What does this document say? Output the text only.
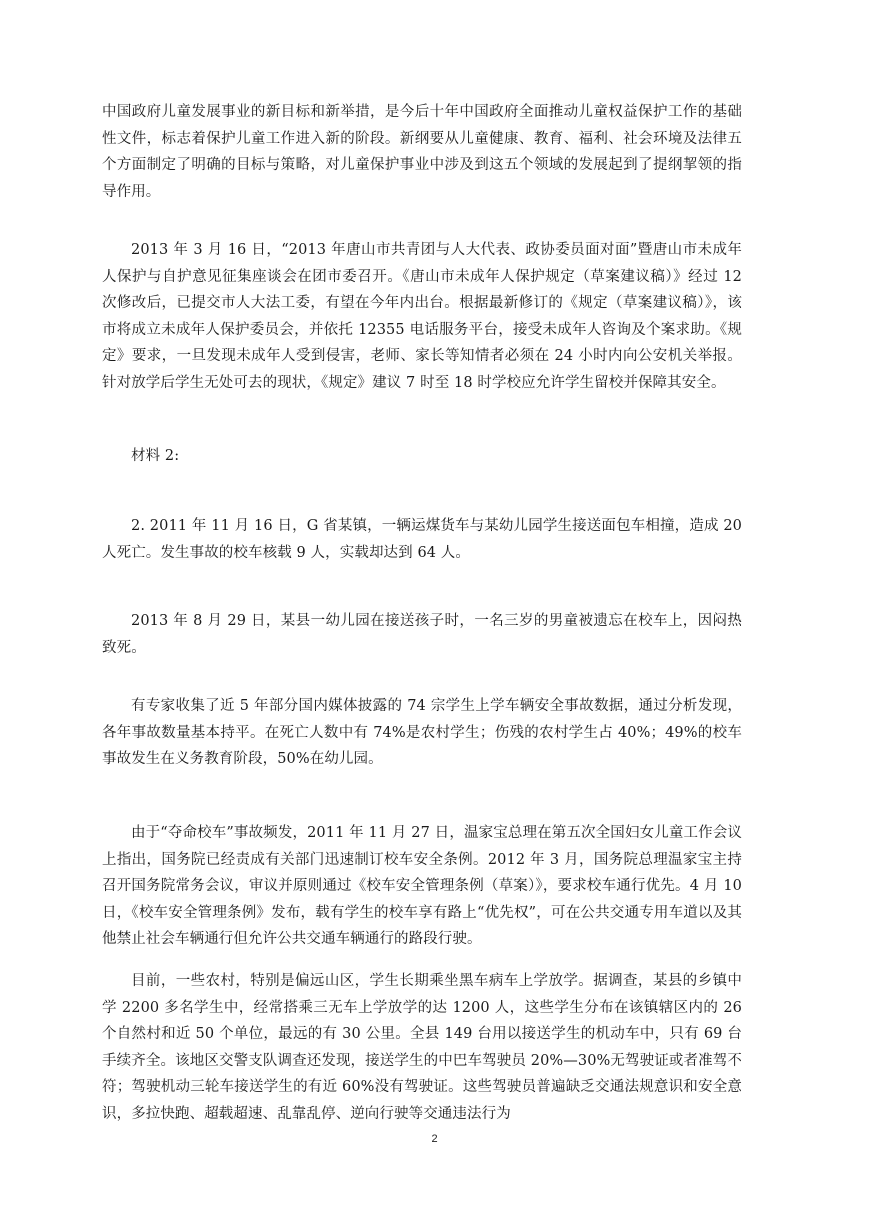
中国政府儿童发展事业的新目标和新举措，是今后十年中国政府全面推动儿童权益保护工作的基础性文件，标志着保护儿童工作进入新的阶段。新纲要从儿童健康、教育、福利、社会环境及法律五个方面制定了明确的目标与策略，对儿童保护事业中涉及到这五个领域的发展起到了提纲挈领的指导作用。

2013 年 3 月 16 日，“2013 年唐山市共青团与人大代表、政协委员面对面”暨唐山市未成年人保护与自护意见征集座谈会在团市委召开。《唐山市未成年人保护规定（草案建议稿）》经过 12 次修改后，已提交市人大法工委，有望在今年内出台。根据最新修订的《规定（草案建议稿）》，该市将成立未成年人保护委员会，并依托 12355 电话服务平台，接受未成年人咨询及个案求助。《规定》要求，一旦发现未成年人受到侵害，老师、家长等知情者必须在 24 小时内向公安机关举报。针对放学后学生无处可去的现状，《规定》建议 7 时至 18 时学校应允许学生留校并保障其安全。

材料 2:

2. 2011 年 11 月 16 日，G 省某镇，一辆运煤货车与某幼儿园学生接送面包车相撞，造成 20 人死亡。发生事故的校车核载 9 人，实载却达到 64 人。

2013 年 8 月 29 日，某县一幼儿园在接送孩子时，一名三岁的男童被遗忘在校车上，因闷热致死。

有专家收集了近 5 年部分国内媒体披露的 74 宗学生上学车辆安全事故数据，通过分析发现，各年事故数量基本持平。在死亡人数中有 74%是农村学生；伤残的农村学生占 40%；49%的校车事故发生在义务教育阶段，50%在幼儿园。

由于“夺命校车”事故频发，2011 年 11 月 27 日，温家宝总理在第五次全国妇女儿童工作会议上指出，国务院已经责成有关部门迅速制订校车安全条例。2012 年 3 月，国务院总理温家宝主持召开国务院常务会议，审议并原则通过《校车安全管理条例（草案）》，要求校车通行优先。4 月 10 日，《校车安全管理条例》发布，载有学生的校车享有路上“优先权”，可在公共交通专用车道以及其他禁止社会车辆通行但允许公共交通车辆通行的路段行驶。

目前，一些农村，特别是偏远山区，学生长期乘坐黑车病车上学放学。据调查，某县的乡镇中学 2200 多名学生中，经常搭乘三无车上学放学的达 1200 人，这些学生分布在该镇辖区内的 26 个自然村和近 50 个单位，最远的有 30 公里。全县 149 台用以接送学生的机动车中，只有 69 台手续齐全。该地区交警支队调查还发现，接送学生的中巴车驾驶员 20%—30%无驾驶证或者准驾不符；驾驶机动三轮车接送学生的有近 60%没有驾驶证。这些驾驶员普遍缺乏交通法规意识和安全意识，多拉快跑、超载超速、乱靠乱停、逆向行驶等交通违法行为

2
